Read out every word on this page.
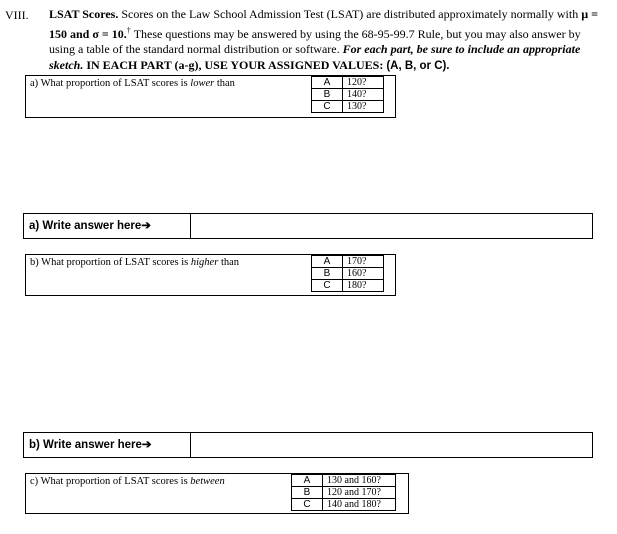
VIII. LSAT Scores. Scores on the Law School Admission Test (LSAT) are distributed approximately normally with µ = 150 and σ = 10.† These questions may be answered by using the 68-95-99.7 Rule, but you may also answer by using a table of the standard normal distribution or software. For each part, be sure to include an appropriate sketch. IN EACH PART (a-g), USE YOUR ASSIGNED VALUES: (A, B, or C).
a) What proportion of LSAT scores is lower than	A	120?
B	140?
C	130?
a) Write answer here➔
b) What proportion of LSAT scores is higher than	A	170?
B	160?
C	180?
b) Write answer here➔
c) What proportion of LSAT scores is between	A	130 and 160?
B	120 and 170?
C	140 and 180?
